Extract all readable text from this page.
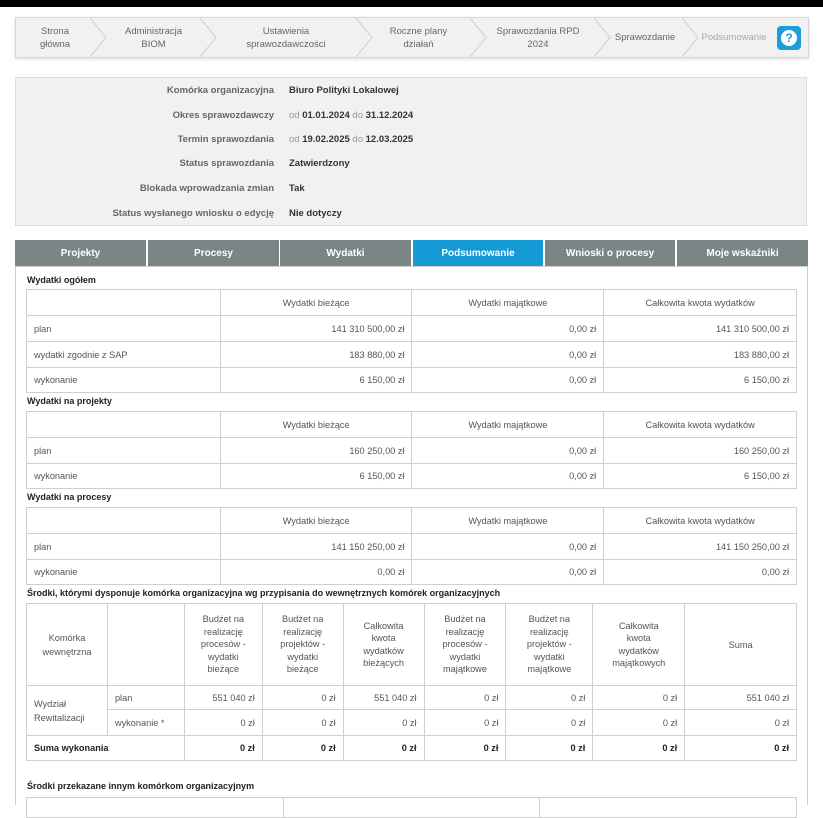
Strona
główna
Administracja
BIOM
Ustawienia
sprawozdawczości
Roczne plany
działań
Sprawozdania RPD
2024
Sprawozdanie	Podsumowanie	?
Komórka organizacyjna Biuro Polityki Lokalowej
Okres sprawozdawczy od 01.01.2024 do 31.12.2024
Termin sprawozdania od 19.02.2025 do 12.03.2025
Status sprawozdania Zatwierdzony
Blokada wprowadzania zmian Tak
Status wysłanego wniosku o edycję Nie dotyczy
Projekty	Procesy	Wydatki	Podsumowanie	Wnioski o procesy	Moje wskaźniki
Wydatki ogółem
	Wydatki bieżące	Wydatki majątkowe	Całkowita kwota wydatków
plan	141 310 500,00 zł	0,00 zł	141 310 500,00 zł
wydatki zgodnie z SAP	183 880,00 zł	0,00 zł	183 880,00 zł
wykonanie	6 150,00 zł	0,00 zł	6 150,00 zł
Wydatki na projekty
	Wydatki bieżące	Wydatki majątkowe	Całkowita kwota wydatków
plan	160 250,00 zł	0,00 zł	160 250,00 zł
wykonanie	6 150,00 zł	0,00 zł	6 150,00 zł
Wydatki na procesy
	Wydatki bieżące	Wydatki majątkowe	Całkowita kwota wydatków
plan	141 150 250,00 zł	0,00 zł	141 150 250,00 zł
wykonanie	0,00 zł	0,00 zł	0,00 zł
Środki, którymi dysponuje komórka organizacyjna wg przypisania do wewnętrznych komórek organizacyjnych
Komórka
wewnętrzna		Budżet na
realizację
procesów -
wydatki
bieżące	Budżet na
realizację
projektów -
wydatki
bieżące	Całkowita
kwota
wydatków
bieżących	Budżet na
realizację
procesów -
wydatki
majątkowe	Budżet na
realizację
projektów -
wydatki
majątkowe	Całkowita
kwota
wydatków
majątkowych	Suma
Wydział
Rewitalizacji	plan	551 040 zł	0 zł	551 040 zł	0 zł	0 zł	0 zł	551 040 zł
	wykonanie *	0 zł	0 zł	0 zł	0 zł	0 zł	0 zł	0 zł
Suma wykonania		0 zł	0 zł	0 zł	0 zł	0 zł	0 zł	0 zł
Środki przekazane innym komórkom organizacyjnym
